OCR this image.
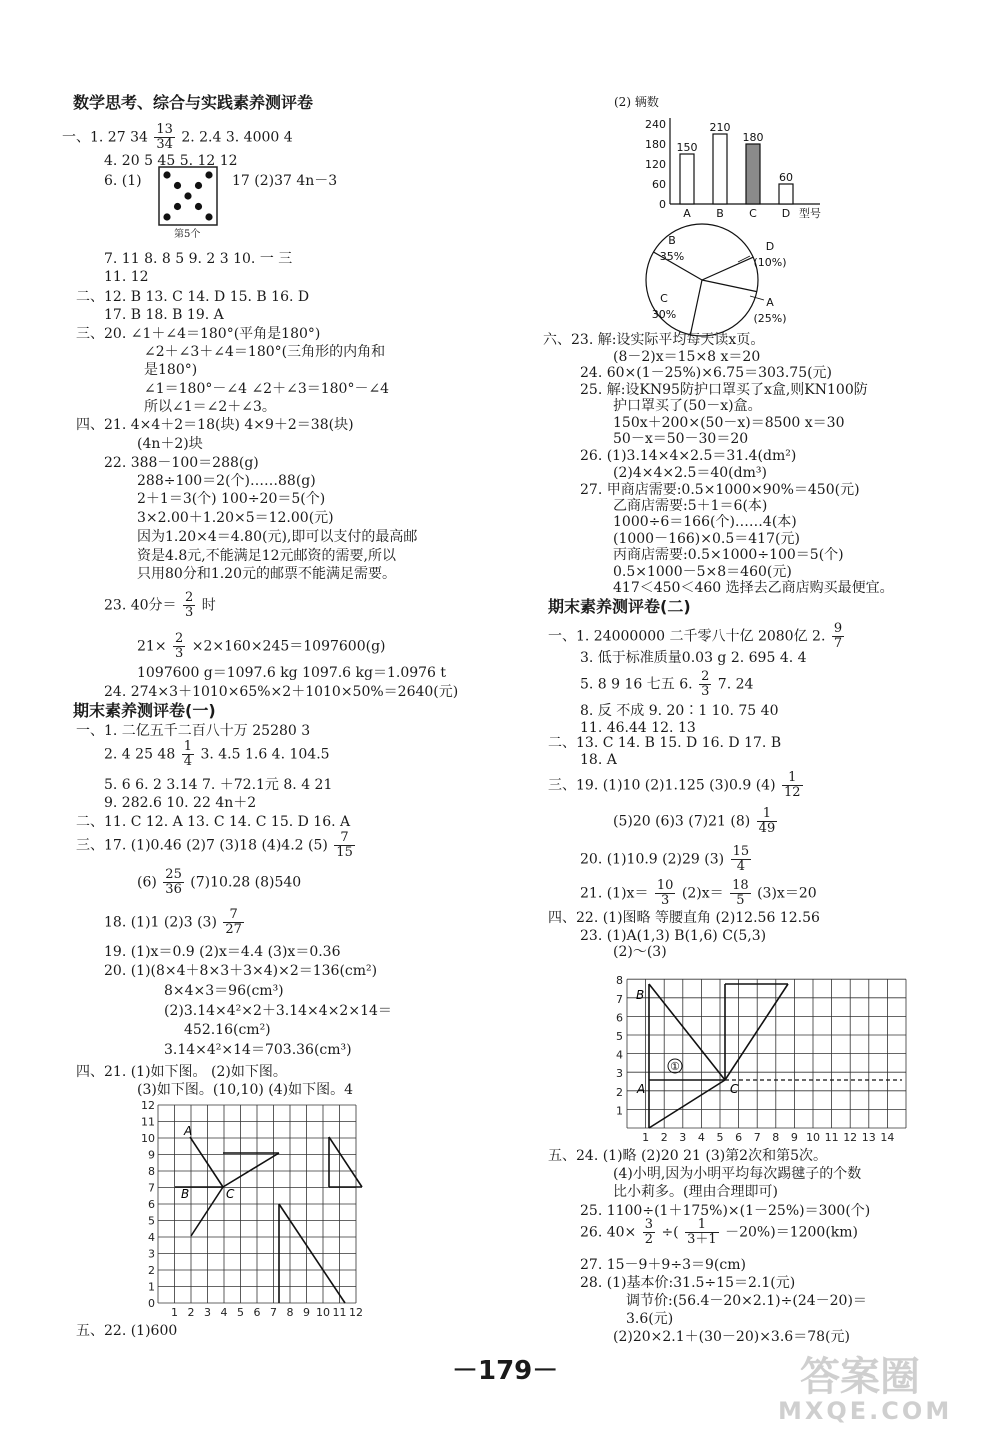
数学思考、综合与实践素养测评卷
一、1. 27 $34 \frac{13}{34} 2$. 2.4 3. 4000 4
4. 20 5 45 5. 12 12
6. (1)
第5个
17 (2)37 4n－3
7. 11 8. 8 5 9. 2 3 10. 一 三
11. 12
二、12. B 13. C 14. D 15. B 16. D
17. B 18. B 19. A
三、20. ∠1＋∠4＝180°(平角是180°)
∠2＋∠3＋∠4＝180°(三角形的内角和
是180°)
∠1＝180°－∠4 ∠2＋∠3＝180°－∠4
所以∠1＝∠2＋∠3。
四、21. 4×4＋2＝18(块) 4×9＋2＝38(块)
(4n＋2)块
22. 388－100＝288(g)
288÷100＝2(个)……88(g)
2＋1＝3(个) 100÷20＝5(个)
3×2.00＋1.20×5＝12.00(元)
因为1.20×4＝4.80(元),即可以支付的最高邮
资是4.8元,不能满足12元邮资的需要,所以
只用80分和1.20元的邮票不能满足需要。
23. 40分＝ $\frac{2}{3}$ 时
$21\times \frac{2}{3} \times 2\times 160\times 245=1097600(g)$
1097600 g＝1097.6 kg 1097.6 kg＝1.0976 t
24. 274×3＋1010×65%×2＋1010×50%＝2640(元)
期末素养测评卷(一)
一、1. 二亿五千二百八十万 25280 3
2. 4 25 $48 \frac{1}{4} 3$. 4.5 1.6 4. 104.5
5. 6 6. 2 3.14 7. ＋72.1元 8. 4 21
9. 282.6 10. 22 4n＋2
二、11. C 12. A 13. C 14. C 15. D 16. A
三、17. (1)0.46 (2)7 (3)18 (4)4.2 $(5) \frac{7}{15}$
$(6) \frac{25}{36} (7)10.28$ (8)540
18. (1)1 (2)3 $(3) \frac{7}{27}$
19. (1)x＝0.9 (2)x＝4.4 (3)x＝0.36
20. (1)(8×4＋8×3＋3×4)×2＝136(cm²)
8×4×3＝96(cm³)
(2)3.14×4²×2＋3.14×4×2×14＝
452.16(cm²)
3.14×4²×14＝703.36(cm³)
四、21. (1)如下图。 (2)如下图。
(3)如下图。(10,10) (4)如下图。4
12
11
10
9
8
7
6
5
4
3
2
1
0
1 2 3 4 5 6 7 8 9 10 11 12
A
B	C
五、22. (1)600
(2) 辆数
0
60
120
180
240
150
A
210
B
180
C
60
D 型号
B
35%
D
(10%)
A
(25%)
C
30%
六、23. 解:设实际平均每天读x页。
(8－2)x＝15×8 x＝20
24. 60×(1－25%)×6.75＝303.75(元)
25. 解:设KN95防护口罩买了x盒,则KN100防
护口罩买了(50－x)盒。
150x＋200×(50－x)＝8500 x＝30
50－x＝50－30＝20
26. (1)3.14×4×2.5＝31.4(dm²)
(2)4×4×2.5＝40(dm³)
27. 甲商店需要:0.5×1000×90%＝450(元)
乙商店需要:5＋1＝6(本)
1000÷6＝166(个)……4(本)
(1000－166)×0.5＝417(元)
丙商店需要:0.5×1000÷100＝5(个)
0.5×1000－5×8＝460(元)
417＜450＜460 选择去乙商店购买最便宜。
期末素养测评卷(二)
一、1. 24000000 二千零八十亿 2080亿 2. $\frac{9}{7}$
3. 低于标准质量0.03 g 2. 695 4. 4
5. 8 9 16 七五 6. $\frac{2}{3} 7$. 24
8. 反 不成 9. 20∶1 10. 75 40
11. 46.44 12. 13
二、13. C 14. B 15. D 16. D 17. B
18. A
三、19. (1)10 (2)1.125 (3)0.9 $(4) \frac{1}{12}$
(5)20 (6)3 (7)21 $(8) \frac{1}{49}$
20. (1)10.9 (2)29 $(3) \frac{15}{4}$
21. $(1)x= \frac{10}{3} (2)x= \frac{18}{5} (3)x=20$
四、22. (1)图略 等腰直角 (2)12.56 12.56
23. (1)A(1,3) B(1,6) C(5,3)
(2)～(3)
8
7
6
5
4
3
2
1
1 2 3 4 5 6 7 8 9 10 11 12 13 14
①
B
A	C
五、24. (1)略 (2)20 21 (3)第2次和第5次。
(4)小明,因为小明平均每次踢毽子的个数
比小莉多。(理由合理即可)
25. 1100÷(1＋175%)×(1－25%)＝300(个)
26. $40\times \frac{3}{2}$ ÷( $\frac{1}{3+1} -20\%)=1200(km)$
27. 15－9＋9÷3＝9(cm)
28. (1)基本价:31.5÷15＝2.1(元)
调节价:(56.4－20×2.1)÷(24－20)＝
3.6(元)
(2)20×2.1＋(30－20)×3.6＝78(元)
－179－	答案圈
MXQE.COM
